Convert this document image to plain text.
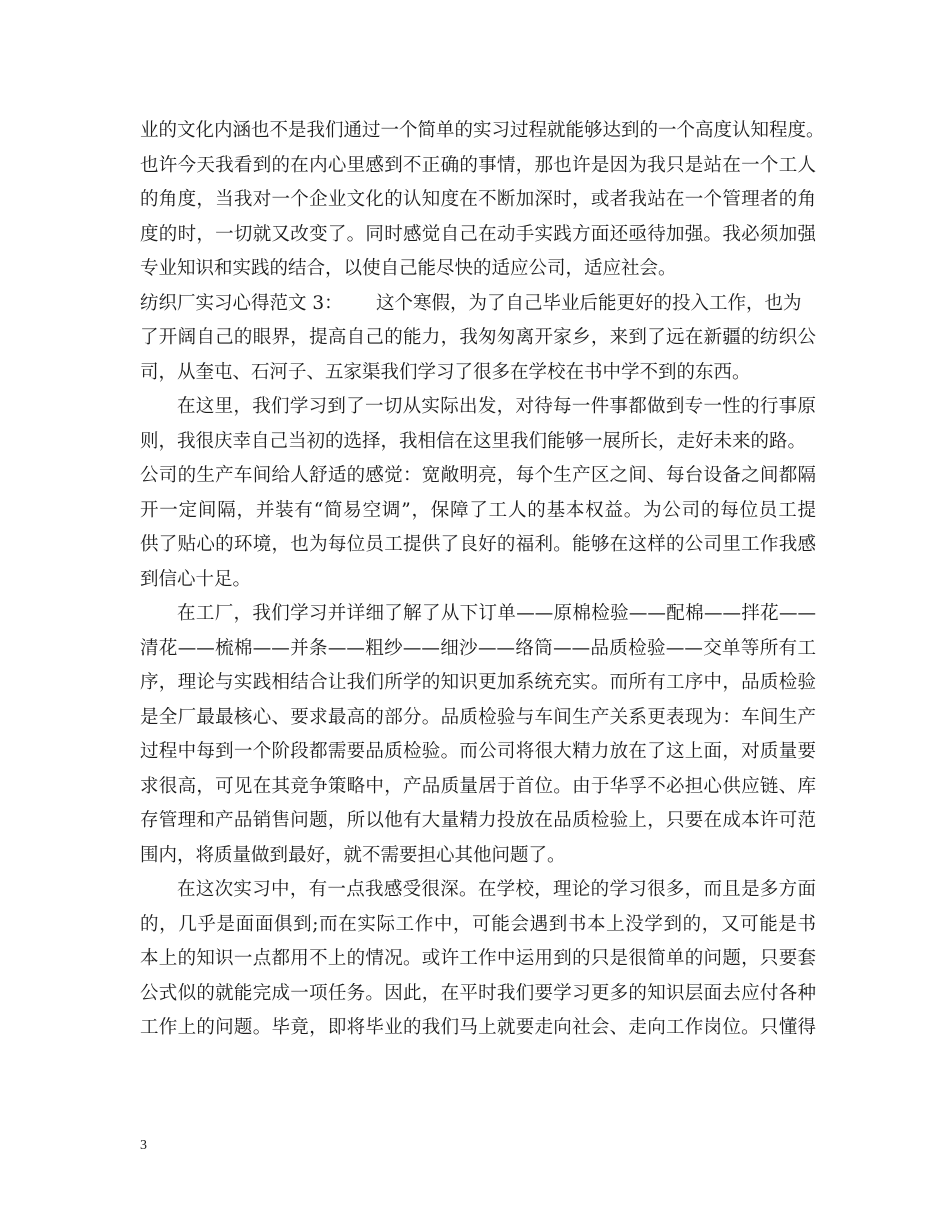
业的文化内涵也不是我们通过一个简单的实习过程就能够达到的一个高度认知程度。
也许今天我看到的在内心里感到不正确的事情，那也许是因为我只是站在一个工人
的角度，当我对一个企业文化的认知度在不断加深时，或者我站在一个管理者的角
度的时，一切就又改变了。同时感觉自己在动手实践方面还亟待加强。我必须加强
专业知识和实践的结合，以使自己能尽快的适应公司，适应社会。

纺织厂实习心得范文 3： 这个寒假，为了自己毕业后能更好的投入工作，也为

了开阔自己的眼界，提高自己的能力，我匆匆离开家乡，来到了远在新疆的纺织公
司，从奎屯、石河子、五家渠我们学习了很多在学校在书中学不到的东西。
在这里，我们学习到了一切从实际出发，对待每一件事都做到专一性的行事原
则，我很庆幸自己当初的选择，我相信在这里我们能够一展所长，走好未来的路。
公司的生产车间给人舒适的感觉：宽敞明亮，每个生产区之间、每台设备之间都隔
开一定间隔，并装有“简易空调”，保障了工人的基本权益。为公司的每位员工提
供了贴心的环境，也为每位员工提供了良好的福利。能够在这样的公司里工作我感
到信心十足。
在工厂，我们学习并详细了解了从下订单——原棉检验——配棉——拌花——
清花——梳棉——并条——粗纱——细沙——络筒——品质检验——交单等所有工
序，理论与实践相结合让我们所学的知识更加系统充实。而所有工序中，品质检验
是全厂最最核心、要求最高的部分。品质检验与车间生产关系更表现为：车间生产
过程中每到一个阶段都需要品质检验。而公司将很大精力放在了这上面，对质量要
求很高，可见在其竞争策略中，产品质量居于首位。由于华孚不必担心供应链、库
存管理和产品销售问题，所以他有大量精力投放在品质检验上，只要在成本许可范
围内，将质量做到最好，就不需要担心其他问题了。
在这次实习中，有一点我感受很深。在学校，理论的学习很多，而且是多方面
的，几乎是面面俱到;而在实际工作中，可能会遇到书本上没学到的，又可能是书
本上的知识一点都用不上的情况。或许工作中运用到的只是很简单的问题，只要套
公式似的就能完成一项任务。因此，在平时我们要学习更多的知识层面去应付各种
工作上的问题。毕竟，即将毕业的我们马上就要走向社会、走向工作岗位。只懂得

3
